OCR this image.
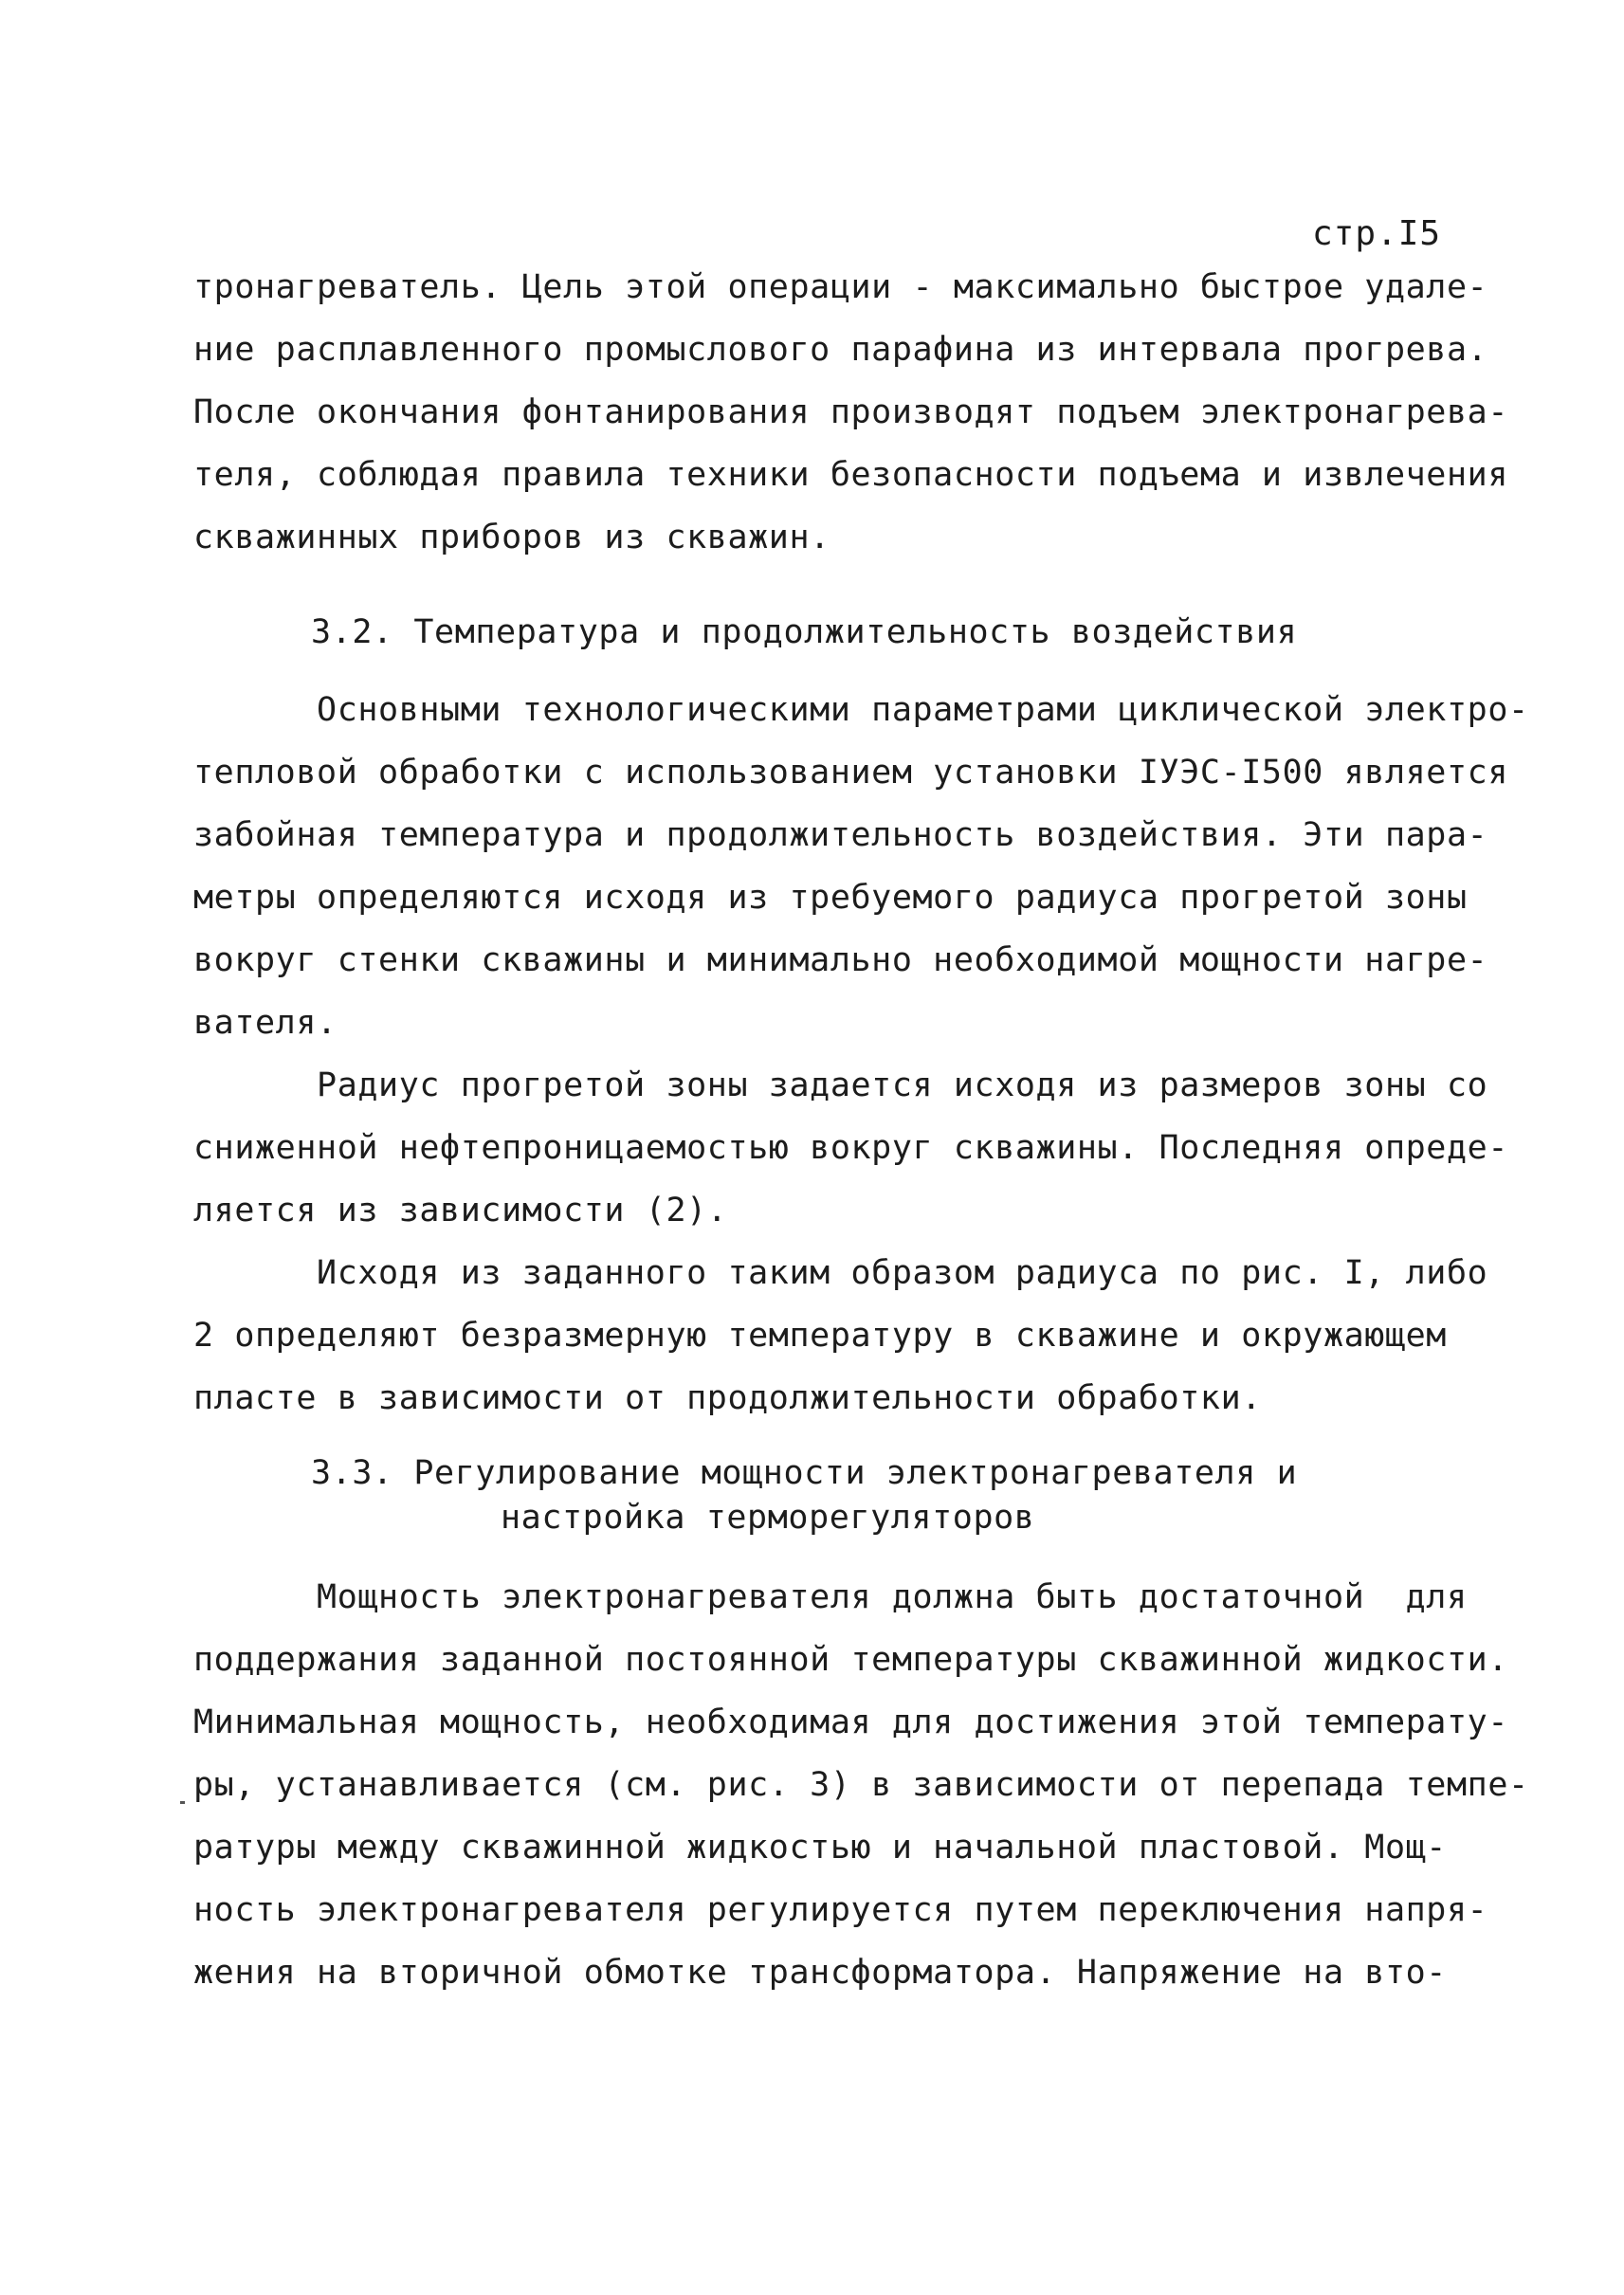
стр.I5
тронагреватель. Цель этой операции - максимально быстрое удале-
ние расплавленного промыслового парафина из интервала прогрева.
После окончания фонтанирования производят подъем электронагрева-
теля, соблюдая правила техники безопасности подъема и извлечения
скважинных приборов из скважин.
3.2. Температура и продолжительность воздействия
Основными технологическими параметрами циклической электро-
тепловой обработки с использованием установки IУЭС-I500 является
забойная температура и продолжительность воздействия. Эти пара-
метры определяются исходя из требуемого радиуса прогретой зоны
вокруг стенки скважины и минимально необходимой мощности нагре-
вателя.
Радиус прогретой зоны задается исходя из размеров зоны со
сниженной нефтепроницаемостью вокруг скважины. Последняя опреде-
ляется из зависимости (2).
Исходя из заданного таким образом радиуса по рис. I, либо
2 определяют безразмерную температуру в скважине и окружающем
пласте в зависимости от продолжительности обработки.
3.3. Регулирование мощности электронагревателя и
настройка терморегуляторов
Мощность электронагревателя должна быть достаточной  для
поддержания заданной постоянной температуры скважинной жидкости.
Минимальная мощность, необходимая для достижения этой температу-
ры, устанавливается (см. рис. 3) в зависимости от перепада темпе-
ратуры между скважинной жидкостью и начальной пластовой. Мощ-
ность электронагревателя регулируется путем переключения напря-
жения на вторичной обмотке трансформатора. Напряжение на вто-
